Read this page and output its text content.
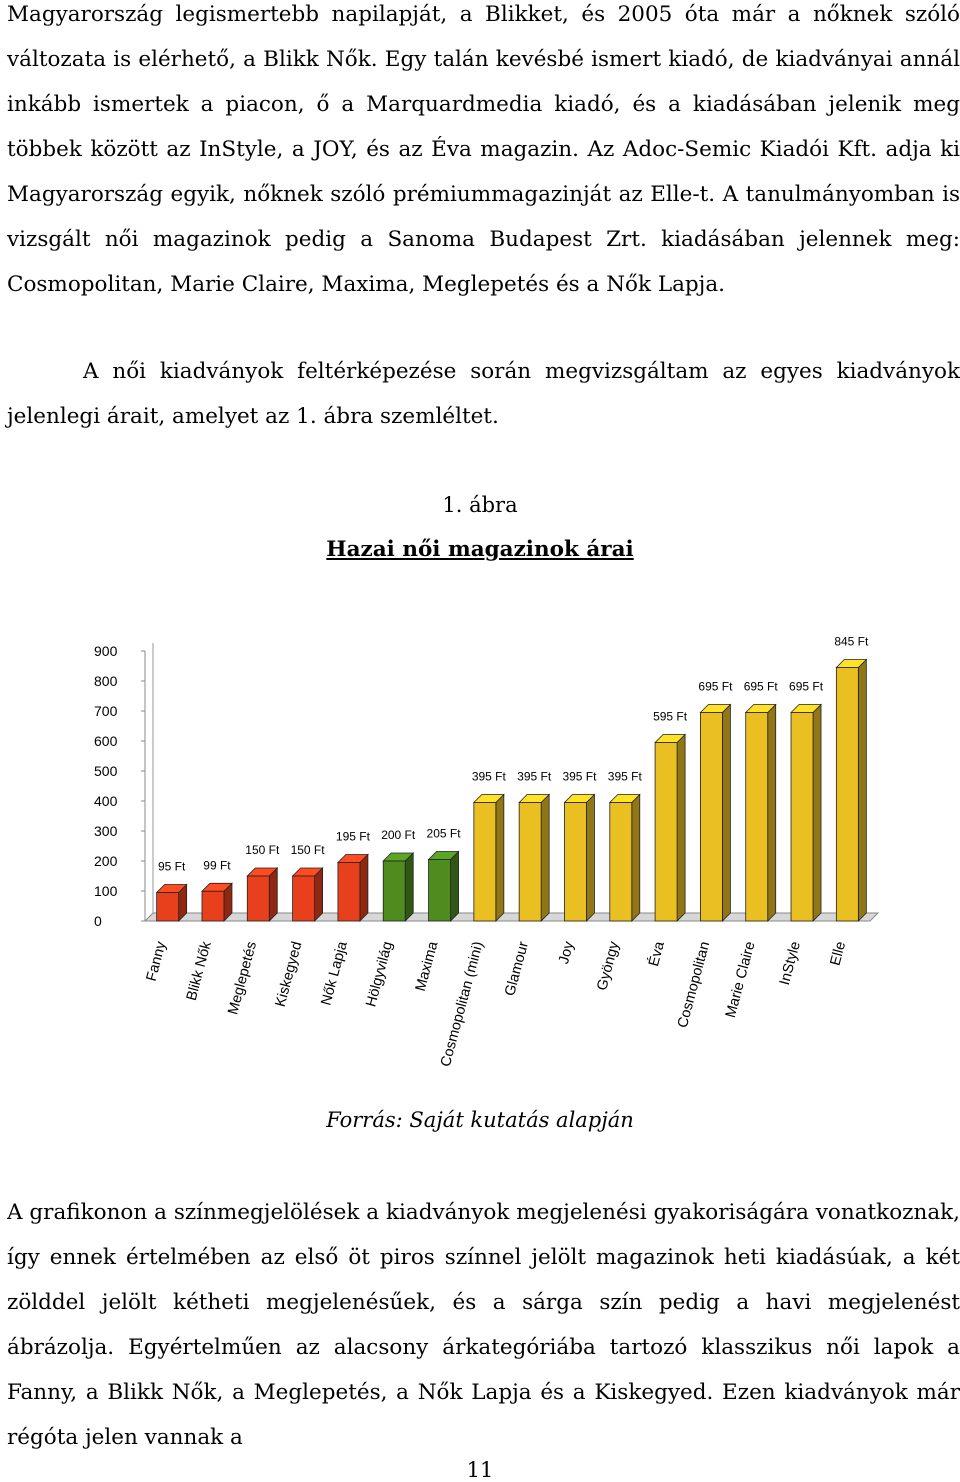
Magyarország legismertebb napilapját, a Blikket, és 2005 óta már a nőknek szóló változata is elérhető, a Blikk Nők. Egy talán kevésbé ismert kiadó, de kiadványai annál inkább ismertek a piacon, ő a Marquardmedia kiadó, és a kiadásában jelenik meg többek között az InStyle, a JOY, és az Éva magazin. Az Adoc-Semic Kiadói Kft. adja ki Magyarország egyik, nőknek szóló prémiummagazinját az Elle-t. A tanulmányomban is vizsgált női magazinok pedig a Sanoma Budapest Zrt. kiadásában jelennek meg: Cosmopolitan, Marie Claire, Maxima, Meglepetés és a Nők Lapja.

A női kiadványok feltérképezése során megvizsgáltam az egyes kiadványok jelenlegi árait, amelyet az 1. ábra szemléltet.

1. ábra
Hazai női magazinok árai
0
100
200
300
400
500
600
700
800
900
95 Ft
Fanny
99 Ft
Blikk Nők
150 Ft
Meglepetés
150 Ft
Kiskegyed
195 Ft
Nők Lapja
200 Ft
Hölgyvilág
205 Ft
Maxima
395 Ft
Cosmopolitan (mini)
395 Ft
Glamour
395 Ft
Joy
395 Ft
Gyöngy
595 Ft
Éva
695 Ft
Cosmopolitan
695 Ft
Marie Claire
695 Ft
InStyle
845 Ft
Elle
Forrás: Saját kutatás alapján

A grafikonon a színmegjelölések a kiadványok megjelenési gyakoriságára vonatkoznak, így ennek értelmében az első öt piros színnel jelölt magazinok heti kiadásúak, a két zölddel jelölt kétheti megjelenésűek, és a sárga szín pedig a havi megjelenést ábrázolja. Egyértelműen az alacsony árkategóriába tartozó klasszikus női lapok a Fanny, a Blikk Nők, a Meglepetés, a Nők Lapja és a Kiskegyed. Ezen kiadványok már régóta jelen vannak a

11
